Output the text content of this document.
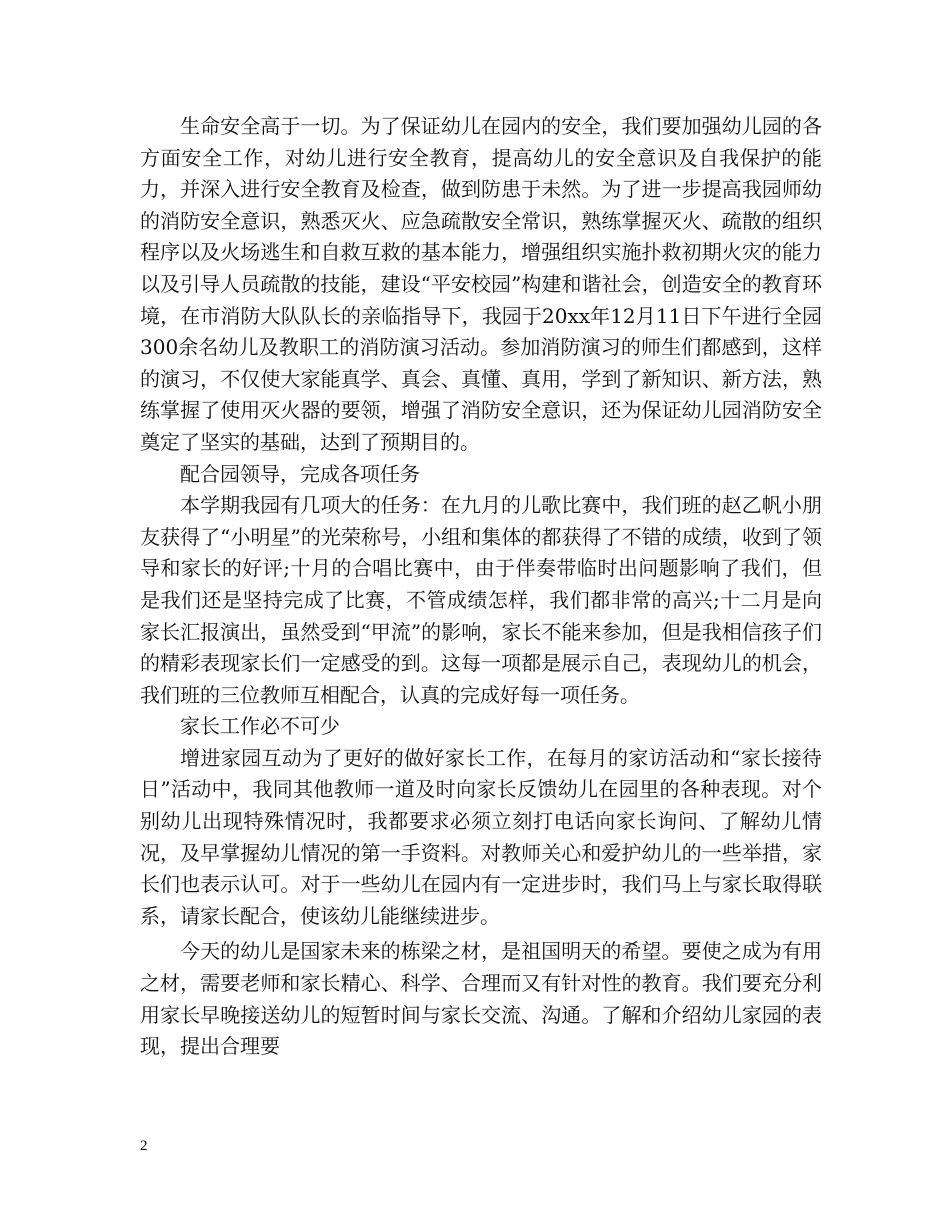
生命安全高于一切。为了保证幼儿在园内的安全，我们要加强幼儿园的各方面安全工作，对幼儿进行安全教育，提高幼儿的安全意识及自我保护的能力，并深入进行安全教育及检查，做到防患于未然。为了进一步提高我园师幼的消防安全意识，熟悉灭火、应急疏散安全常识，熟练掌握灭火、疏散的组织程序以及火场逃生和自救互救的基本能力，增强组织实施扑救初期火灾的能力以及引导人员疏散的技能，建设“平安校园”构建和谐社会，创造安全的教育环境，在市消防大队队长的亲临指导下，我园于20xx年12月11日下午进行全园300余名幼儿及教职工的消防演习活动。参加消防演习的师生们都感到，这样的演习，不仅使大家能真学、真会、真懂、真用，学到了新知识、新方法，熟练掌握了使用灭火器的要领，增强了消防安全意识，还为保证幼儿园消防安全奠定了坚实的基础，达到了预期目的。

配合园领导，完成各项任务

本学期我园有几项大的任务：在九月的儿歌比赛中，我们班的赵乙帆小朋友获得了“小明星”的光荣称号，小组和集体的都获得了不错的成绩，收到了领导和家长的好评;十月的合唱比赛中，由于伴奏带临时出问题影响了我们，但是我们还是坚持完成了比赛，不管成绩怎样，我们都非常的高兴;十二月是向家长汇报演出，虽然受到“甲流”的影响，家长不能来参加，但是我相信孩子们的精彩表现家长们一定感受的到。这每一项都是展示自己，表现幼儿的机会，我们班的三位教师互相配合，认真的完成好每一项任务。

家长工作必不可少

增进家园互动为了更好的做好家长工作，在每月的家访活动和“家长接待日”活动中，我同其他教师一道及时向家长反馈幼儿在园里的各种表现。对个别幼儿出现特殊情况时，我都要求必须立刻打电话向家长询问、了解幼儿情况，及早掌握幼儿情况的第一手资料。对教师关心和爱护幼儿的一些举措，家长们也表示认可。对于一些幼儿在园内有一定进步时，我们马上与家长取得联系，请家长配合，使该幼儿能继续进步。

今天的幼儿是国家未来的栋梁之材，是祖国明天的希望。要使之成为有用之材，需要老师和家长精心、科学、合理而又有针对性的教育。我们要充分利用家长早晚接送幼儿的短暂时间与家长交流、沟通。了解和介绍幼儿家园的表现，提出合理要

2
